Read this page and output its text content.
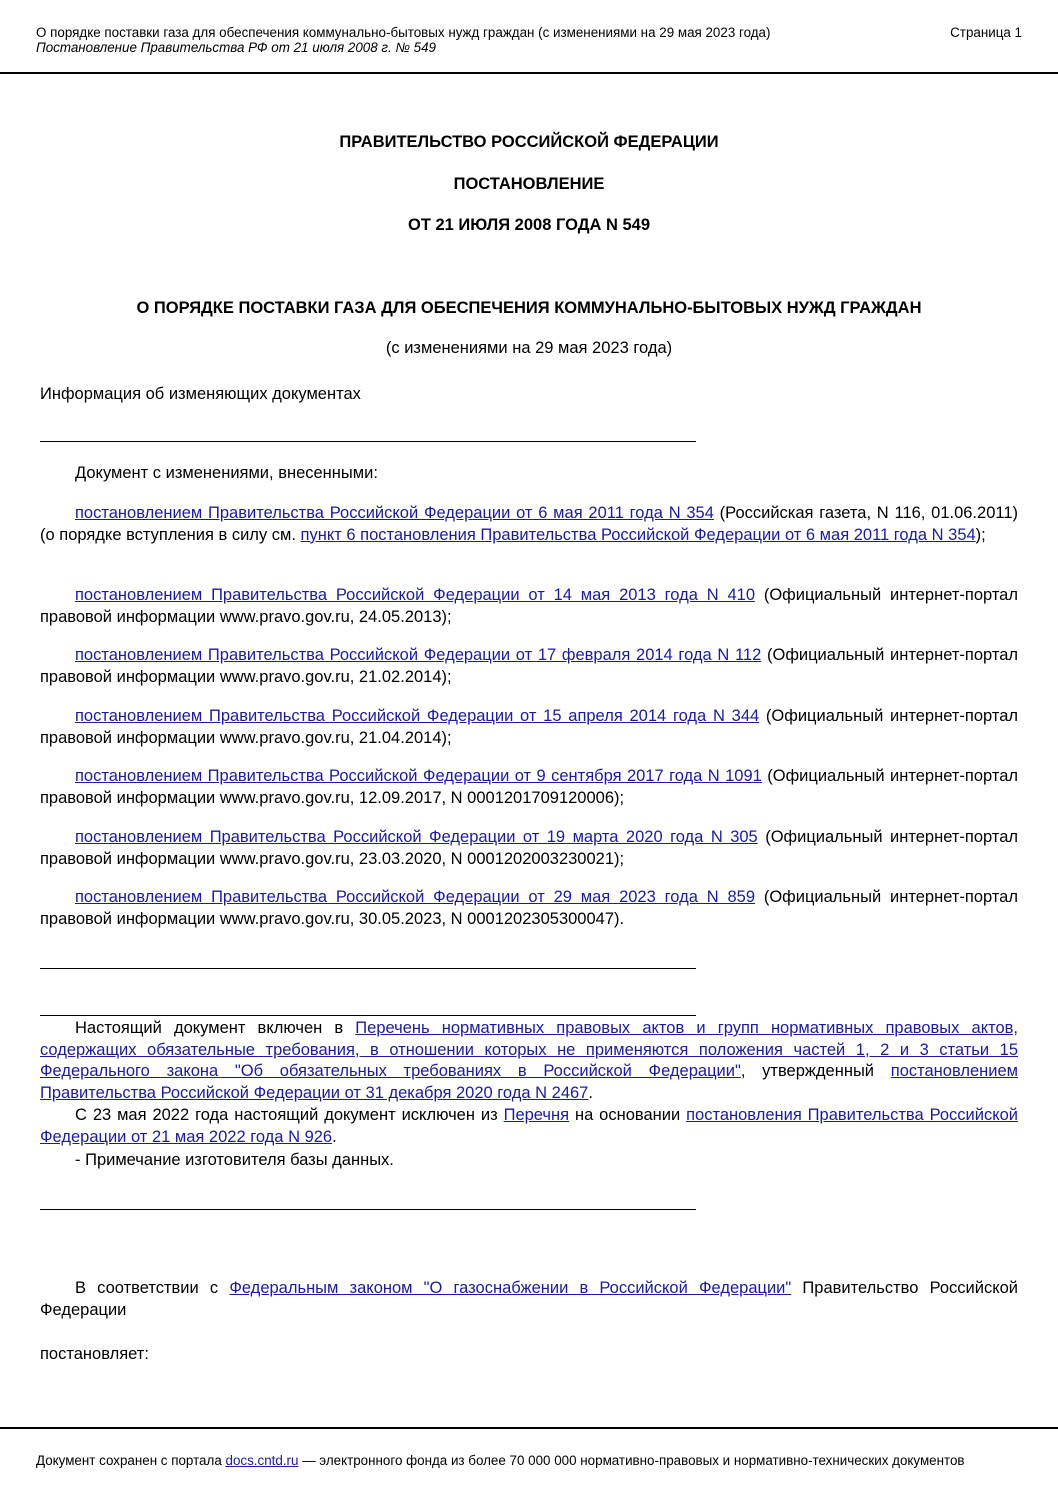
О порядке поставки газа для обеспечения коммунально-бытовых нужд граждан (с изменениями на 29 мая 2023 года)
Постановление Правительства РФ от 21 июля 2008 г. № 549
Страница 1
ПРАВИТЕЛЬСТВО РОССИЙСКОЙ ФЕДЕРАЦИИ
ПОСТАНОВЛЕНИЕ
ОТ 21 ИЮЛЯ 2008 ГОДА N 549
О ПОРЯДКЕ ПОСТАВКИ ГАЗА ДЛЯ ОБЕСПЕЧЕНИЯ КОММУНАЛЬНО-БЫТОВЫХ НУЖД ГРАЖДАН
(с изменениями на 29 мая 2023 года)
Информация об изменяющих документах
Документ с изменениями, внесенными:
постановлением Правительства Российской Федерации от 6 мая 2011 года N 354 (Российская газета, N 116, 01.06.2011) (о порядке вступления в силу см. пункт 6 постановления Правительства Российской Федерации от 6 мая 2011 года N 354);
постановлением Правительства Российской Федерации от 14 мая 2013 года N 410 (Официальный интернет-портал правовой информации www.pravo.gov.ru, 24.05.2013);
постановлением Правительства Российской Федерации от 17 февраля 2014 года N 112 (Официальный интернет-портал правовой информации www.pravo.gov.ru, 21.02.2014);
постановлением Правительства Российской Федерации от 15 апреля 2014 года N 344 (Официальный интернет-портал правовой информации www.pravo.gov.ru, 21.04.2014);
постановлением Правительства Российской Федерации от 9 сентября 2017 года N 1091 (Официальный интернет-портал правовой информации www.pravo.gov.ru, 12.09.2017, N 0001201709120006);
постановлением Правительства Российской Федерации от 19 марта 2020 года N 305 (Официальный интернет-портал правовой информации www.pravo.gov.ru, 23.03.2020, N 0001202003230021);
постановлением Правительства Российской Федерации от 29 мая 2023 года N 859 (Официальный интернет-портал правовой информации www.pravo.gov.ru, 30.05.2023, N 0001202305300047).
Настоящий документ включен в Перечень нормативных правовых актов и групп нормативных правовых актов, содержащих обязательные требования, в отношении которых не применяются положения частей 1, 2 и 3 статьи 15 Федерального закона "Об обязательных требованиях в Российской Федерации", утвержденный постановлением Правительства Российской Федерации от 31 декабря 2020 года N 2467.
С 23 мая 2022 года настоящий документ исключен из Перечня на основании постановления Правительства Российской Федерации от 21 мая 2022 года N 926.
- Примечание изготовителя базы данных.
В соответствии с Федеральным законом "О газоснабжении в Российской Федерации" Правительство Российской Федерации
постановляет:
Документ сохранен с портала docs.cntd.ru — электронного фонда из более 70 000 000 нормативно-правовых и нормативно-технических документов
